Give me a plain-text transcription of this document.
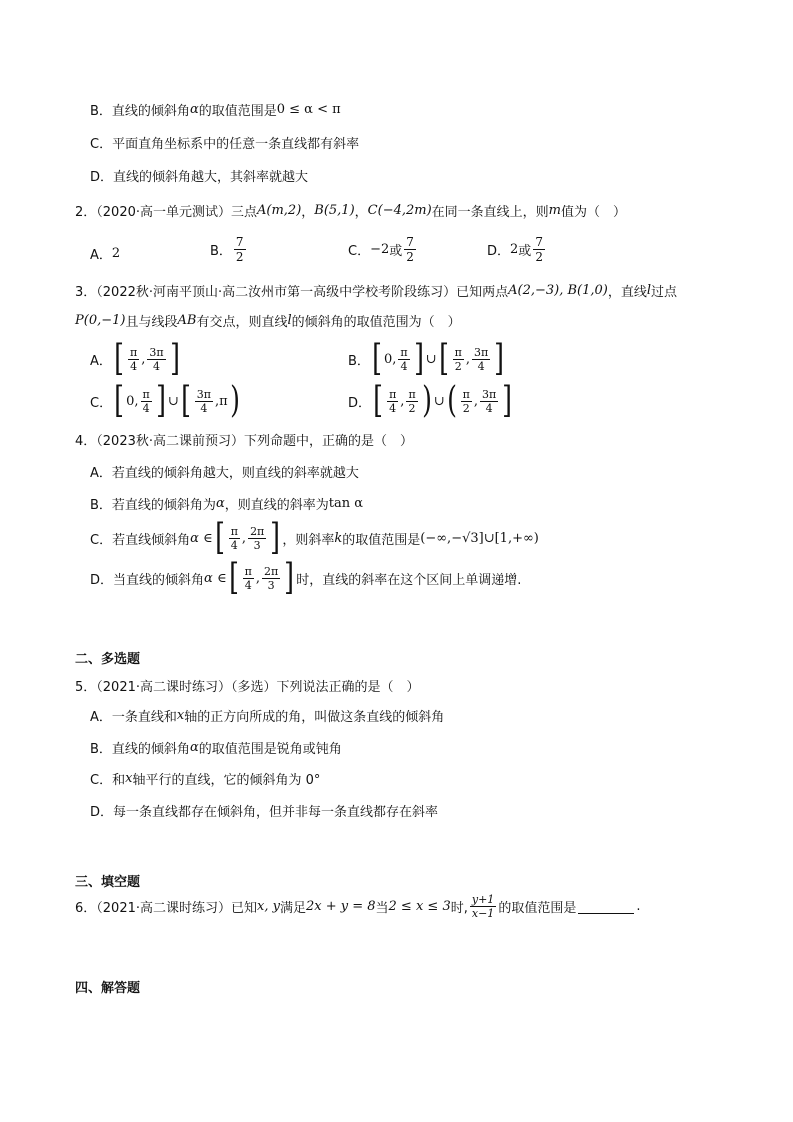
B． 直线的倾斜角 α 的取值范围是 0 ≤ α < π
C． 平面直角坐标系中的任意一条直线都有斜率
D． 直线的倾斜角越大，其斜率就越大
2．（2020·高一单元测试）三点 A(m,2) ， B(5,1) ， C(−4,2m) 在同一条直线上，则 m 值为（　）
A． 2	B． $\frac{7}{2}$	C． −2 或 $\frac{7}{2}$	D． 2 或 $\frac{7}{2}$
3．（2022秋·河南平顶山·高二汝州市第一高级中学校考阶段练习）已知两点 A(2,−3), B(1,0) ，直线 l 过点
P(0,−1) 且与线段 AB 有交点，则直线 l 的倾斜角的取值范围为（　）
A． [ $\frac{\pi}{4}$ , $\frac{3\pi}{4}$ ]	B． [ 0 , $\frac{\pi}{4}$ ] ∪ [ $\frac{\pi}{2}$ , $\frac{3\pi}{4}$ ]
C． [ 0 , $\frac{\pi}{4}$ ] ∪ [ $\frac{3\pi}{4}$ , π )	D． [ $\frac{\pi}{4}$ , $\frac{\pi}{2}$ ) ∪ ( $\frac{\pi}{2}$ , $\frac{3\pi}{4}$ ]
4．（2023秋·高二课前预习）下列命题中，正确的是（　）
A． 若直线的倾斜角越大，则直线的斜率就越大
B． 若直线的倾斜角为 α ，则直线的斜率为 tan α
C． 若直线倾斜角 α ∈ [ $\frac{\pi}{4}$ , $\frac{2\pi}{3}$ ] ，则斜率 k 的取值范围是 (−∞,−√3]∪[1,+∞)
D． 当直线的倾斜角 α ∈ [ $\frac{\pi}{4}$ , $\frac{2\pi}{3}$ ] 时，直线的斜率在这个区间上单调递增.
二、多选题
5．（2021·高二课时练习）（多选）下列说法正确的是（　）
A． 一条直线和 x 轴的正方向所成的角，叫做这条直线的倾斜角
B． 直线的倾斜角 α 的取值范围是锐角或钝角
C． 和 x 轴平行的直线，它的倾斜角为 0°
D． 每一条直线都存在倾斜角，但并非每一条直线都存在斜率
三、填空题
6．（2021·高二课时练习）已知 x, y 满足 2x + y = 8 当 2 ≤ x ≤ 3 时, $\frac{y+1}{x-1}$ 的取值范围是	.
四、解答题
